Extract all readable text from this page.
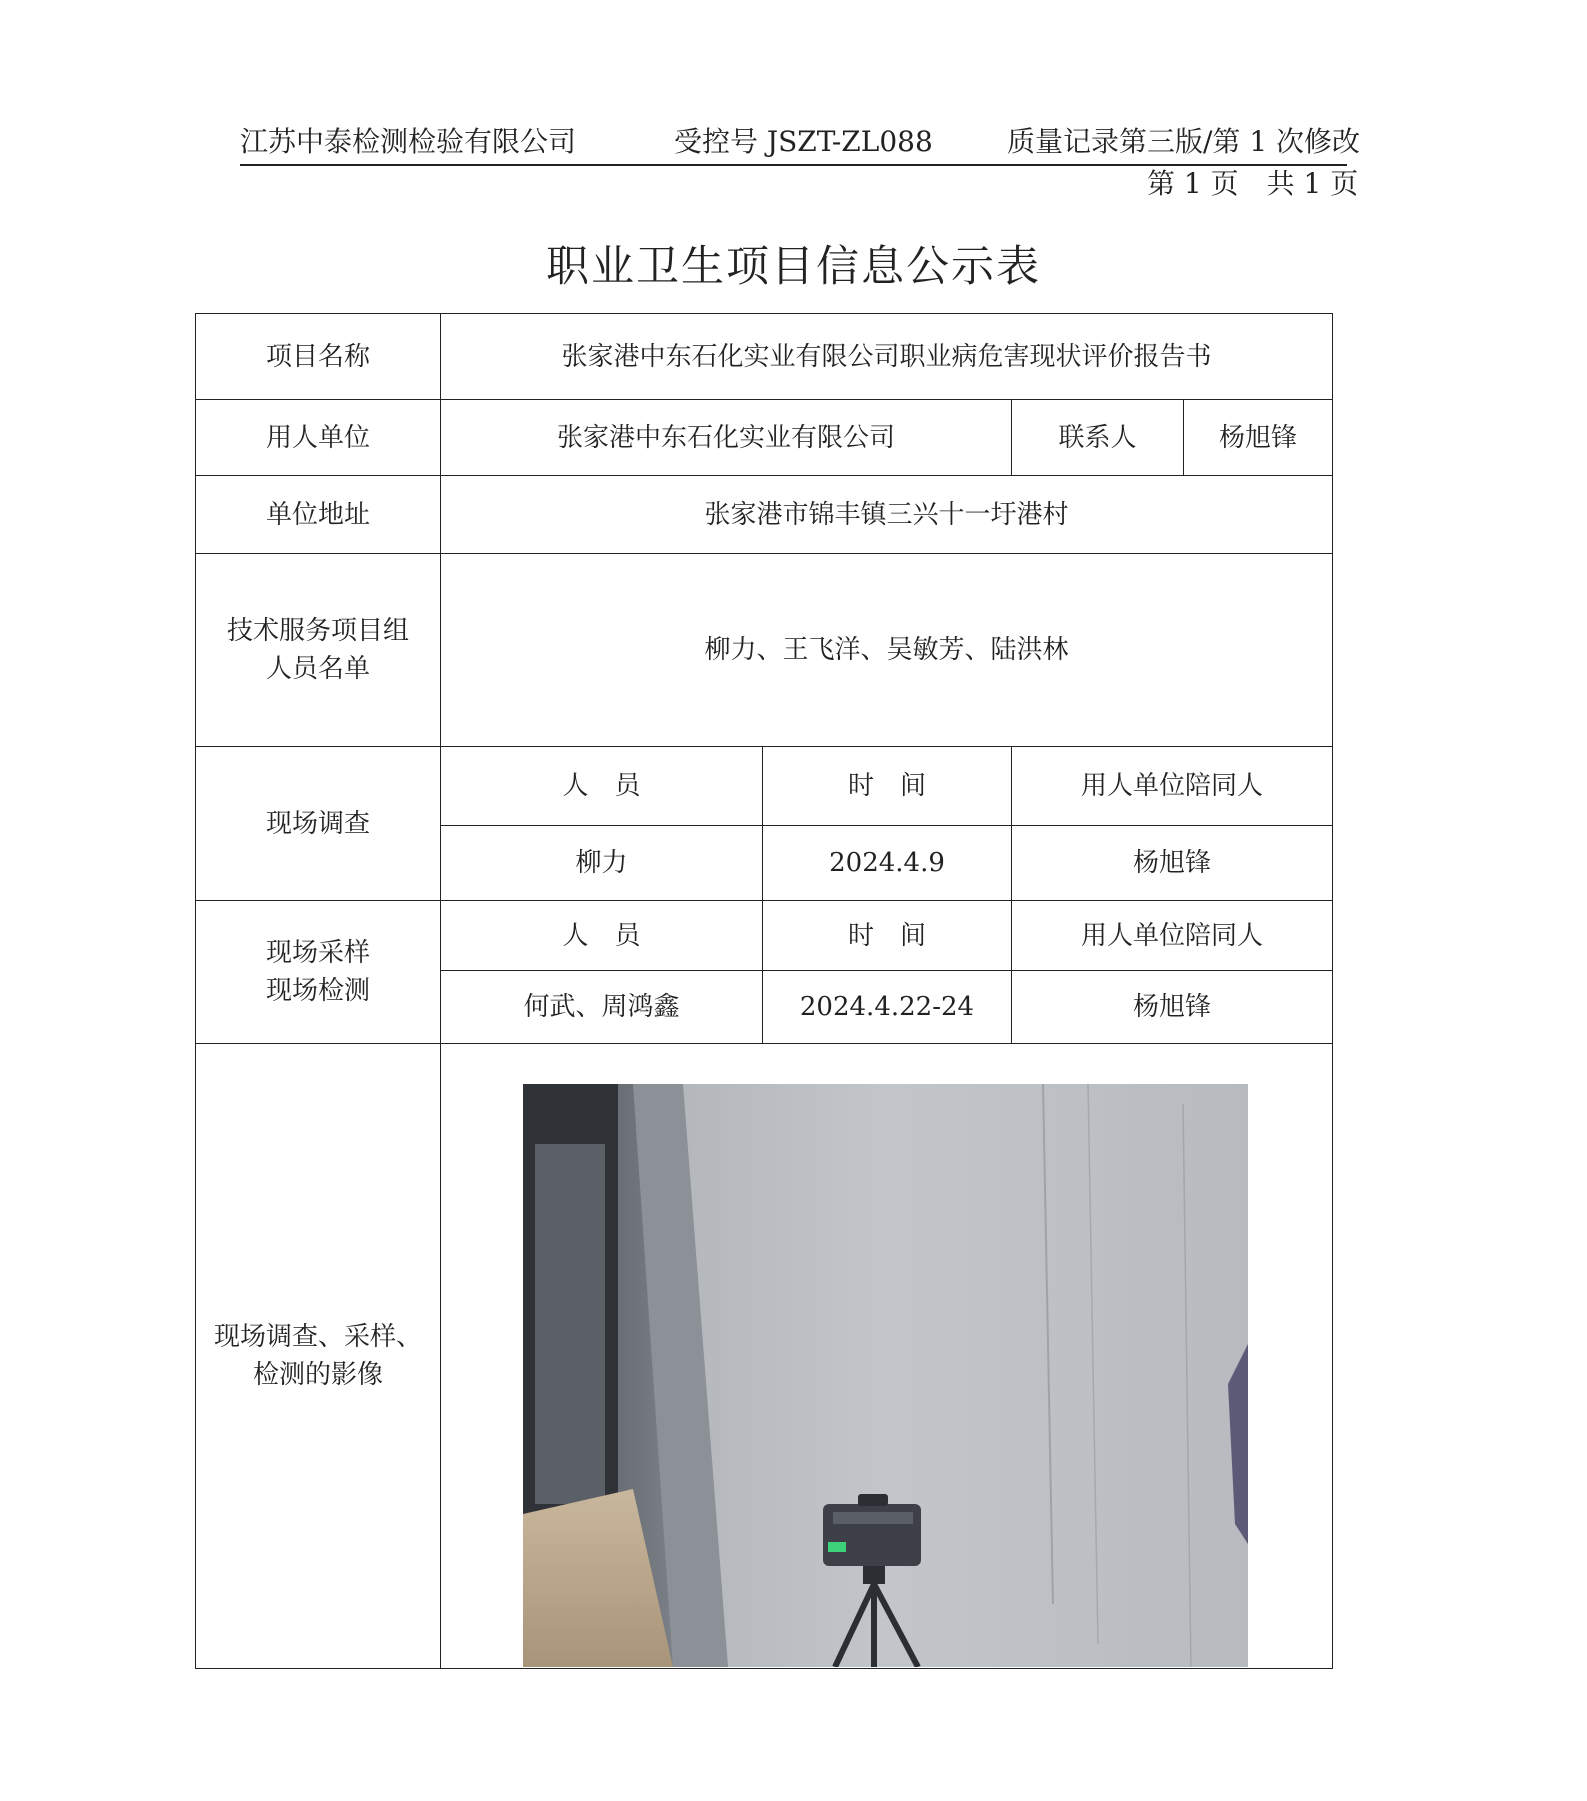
江苏中泰检测检验有限公司	受控号 JSZT-ZL088	质量记录第三版/第 1 次修改
第 1 页　共 1 页
职业卫生项目信息公示表
项目名称	张家港中东石化实业有限公司职业病危害现状评价报告书			
用人单位	张家港中东石化实业有限公司		联系人	杨旭锋
单位地址	张家港市锦丰镇三兴十一圩港村			

技术服务项目组
人员名单	柳力、王飞洋、吴敏芳、陆洪林			
现场调查	人　员	时　间	用人单位陪同人	
	柳力	2024.4.9	杨旭锋	

现场采样
现场检测	人　员	时　间	用人单位陪同人	
	何武、周鸿鑫	2024.4.22-24	杨旭锋	

现场调查、采样、
检测的影像
